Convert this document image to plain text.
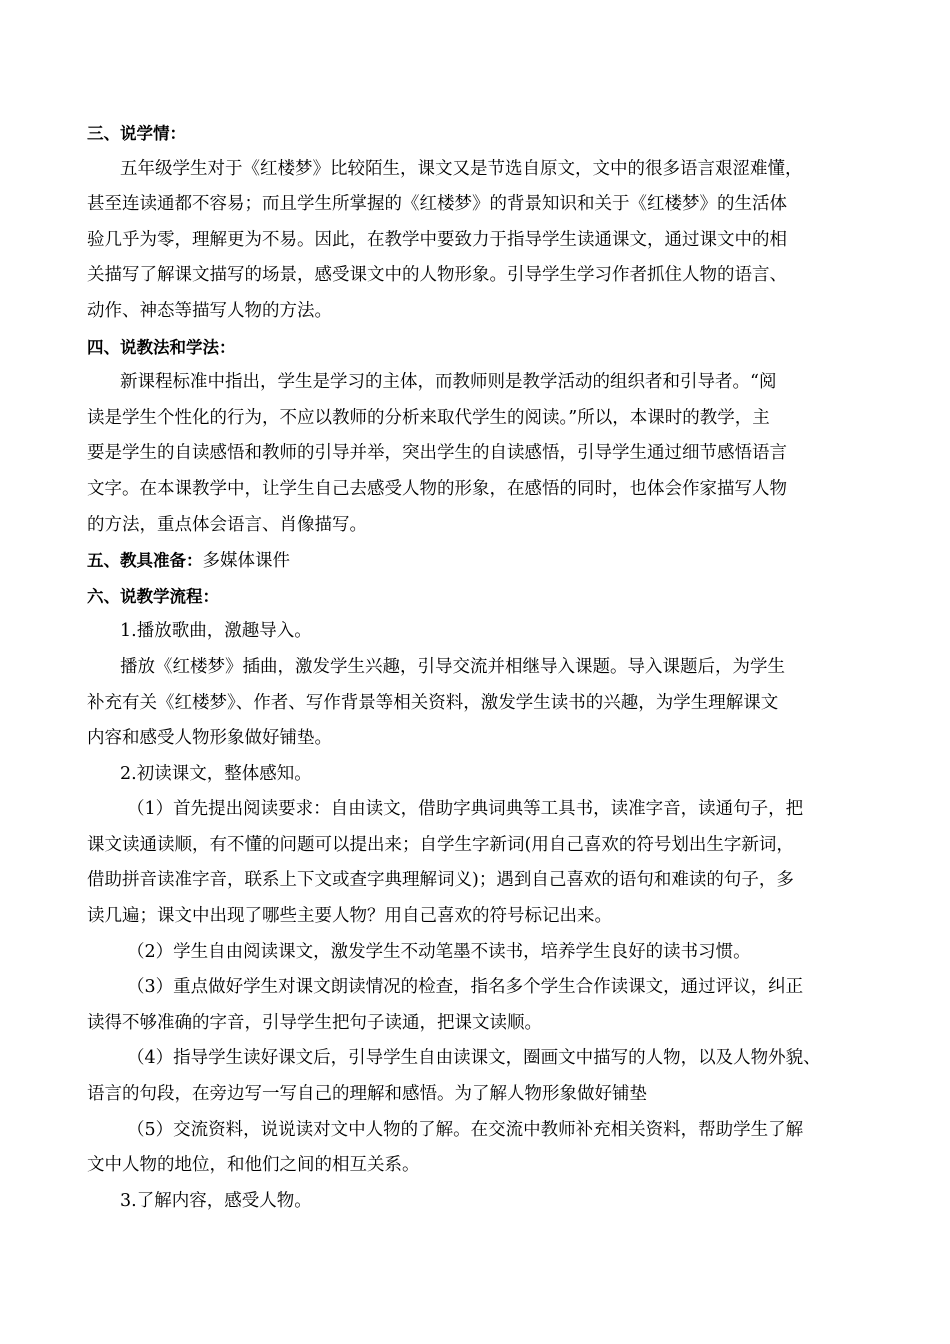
三、说学情：
五年级学生对于《红楼梦》比较陌生，课文又是节选自原文，文中的很多语言艰涩难懂，
甚至连读通都不容易；而且学生所掌握的《红楼梦》的背景知识和关于《红楼梦》的生活体
验几乎为零，理解更为不易。因此，在教学中要致力于指导学生读通课文，通过课文中的相
关描写了解课文描写的场景，感受课文中的人物形象。引导学生学习作者抓住人物的语言、
动作、神态等描写人物的方法。
四、说教法和学法：
新课程标准中指出，学生是学习的主体，而教师则是教学活动的组织者和引导者。“阅
读是学生个性化的行为，不应以教师的分析来取代学生的阅读。”所以，本课时的教学，主
要是学生的自读感悟和教师的引导并举，突出学生的自读感悟，引导学生通过细节感悟语言
文字。在本课教学中，让学生自己去感受人物的形象，在感悟的同时，也体会作家描写人物
的方法，重点体会语言、肖像描写。
五、教具准备：多媒体课件
六、说教学流程：
1.播放歌曲，激趣导入。
播放《红楼梦》插曲，激发学生兴趣，引导交流并相继导入课题。导入课题后，为学生
补充有关《红楼梦》、作者、写作背景等相关资料，激发学生读书的兴趣，为学生理解课文
内容和感受人物形象做好铺垫。
2.初读课文，整体感知。
（1）首先提出阅读要求：自由读文，借助字典词典等工具书，读准字音，读通句子，把
课文读通读顺，有不懂的问题可以提出来；自学生字新词(用自己喜欢的符号划出生字新词，
借助拼音读准字音，联系上下文或查字典理解词义)；遇到自己喜欢的语句和难读的句子，多
读几遍；课文中出现了哪些主要人物？用自己喜欢的符号标记出来。
（2）学生自由阅读课文，激发学生不动笔墨不读书，培养学生良好的读书习惯。
（3）重点做好学生对课文朗读情况的检查，指名多个学生合作读课文，通过评议，纠正
读得不够准确的字音，引导学生把句子读通，把课文读顺。
（4）指导学生读好课文后，引导学生自由读课文，圈画文中描写的人物，以及人物外貌、
语言的句段，在旁边写一写自己的理解和感悟。为了解人物形象做好铺垫
（5）交流资料，说说读对文中人物的了解。在交流中教师补充相关资料，帮助学生了解
文中人物的地位，和他们之间的相互关系。
3.了解内容，感受人物。
